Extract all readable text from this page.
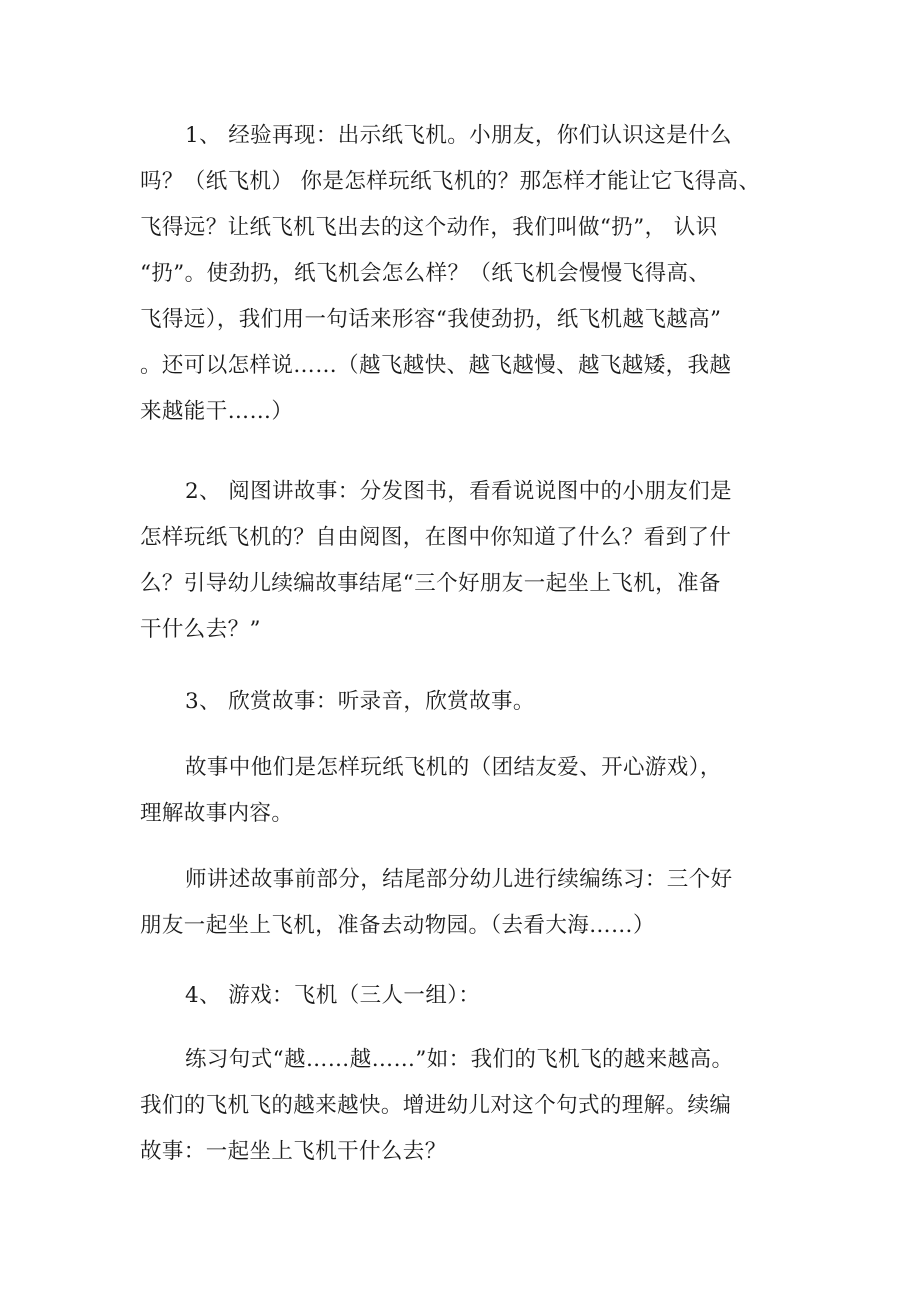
1、 经验再现：出示纸飞机。小朋友，你们认识这是什么
吗？（纸飞机） 你是怎样玩纸飞机的？那怎样才能让它飞得高、
飞得远？让纸飞机飞出去的这个动作，我们叫做“扔”， 认识
“扔”。使劲扔，纸飞机会怎么样？（纸飞机会慢慢飞得高、
飞得远），我们用一句话来形容“我使劲扔，纸飞机越飞越高”
。还可以怎样说……（越飞越快、越飞越慢、越飞越矮，我越
来越能干……）
2、 阅图讲故事：分发图书，看看说说图中的小朋友们是
怎样玩纸飞机的？自由阅图，在图中你知道了什么？看到了什
么？引导幼儿续编故事结尾“三个好朋友一起坐上飞机，准备
干什么去？”
3、 欣赏故事：听录音，欣赏故事。
故事中他们是怎样玩纸飞机的（团结友爱、开心游戏），
理解故事内容。
师讲述故事前部分，结尾部分幼儿进行续编练习：三个好
朋友一起坐上飞机，准备去动物园。（去看大海……）
4、 游戏：飞机（三人一组）：
练习句式“越……越……”如：我们的飞机飞的越来越高。
我们的飞机飞的越来越快。增进幼儿对这个句式的理解。续编
故事：一起坐上飞机干什么去？
